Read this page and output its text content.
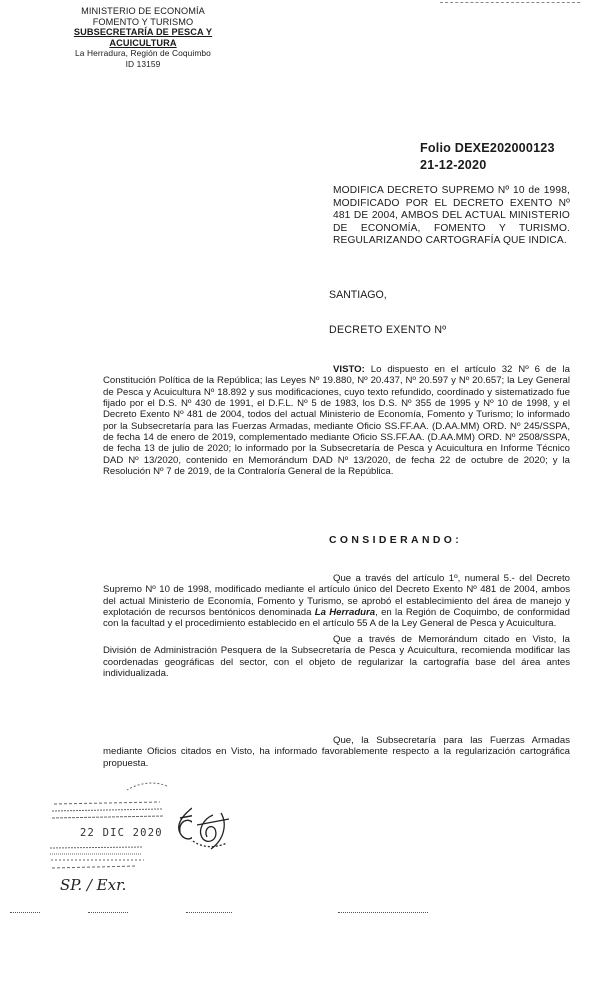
MINISTERIO DE ECONOMÍA
FOMENTO Y TURISMO
SUBSECRETARÍA DE PESCA Y
ACUICULTURA
La Herradura, Región de Coquimbo
ID 13159
Folio DEXE202000123
21-12-2020
MODIFICA DECRETO SUPREMO Nº 10 de 1998, MODIFICADO POR EL DECRETO EXENTO Nº 481 DE 2004, AMBOS DEL ACTUAL MINISTERIO DE ECONOMÍA, FOMENTO Y TURISMO. REGULARIZANDO CARTOGRAFÍA QUE INDICA.
SANTIAGO,
DECRETO EXENTO Nº
VISTO: Lo dispuesto en el artículo 32 Nº 6 de la Constitución Política de la República; las Leyes Nº 19.880, Nº 20.437, Nº 20.597 y Nº 20.657; la Ley General de Pesca y Acuicultura Nº 18.892 y sus modificaciones, cuyo texto refundido, coordinado y sistematizado fue fijado por el D.S. Nº 430 de 1991, el D.F.L. Nº 5 de 1983, los D.S. Nº 355 de 1995 y Nº 10 de 1998, y el Decreto Exento Nº 481 de 2004, todos del actual Ministerio de Economía, Fomento y Turismo; lo informado por la Subsecretaría para las Fuerzas Armadas, mediante Oficio SS.FF.AA. (D.AA.MM) ORD. Nº 245/SSPA, de fecha 14 de enero de 2019, complementado mediante Oficio SS.FF.AA. (D.AA.MM) ORD. Nº 2508/SSPA, de fecha 13 de julio de 2020; lo informado por la Subsecretaría de Pesca y Acuicultura en Informe Técnico DAD Nº 13/2020, contenido en Memorándum DAD Nº 13/2020, de fecha 22 de octubre de 2020; y la Resolución Nº 7 de 2019, de la Contraloría General de la República.
CONSIDERANDO:
Que a través del artículo 1º, numeral 5.- del Decreto Supremo Nº 10 de 1998, modificado mediante el artículo único del Decreto Exento Nº 481 de 2004, ambos del actual Ministerio de Economía, Fomento y Turismo, se aprobó el establecimiento del área de manejo y explotación de recursos bentónicos denominada La Herradura, en la Región de Coquimbo, de conformidad con la facultad y el procedimiento establecido en el artículo 55 A de la Ley General de Pesca y Acuicultura.
Que a través de Memorándum citado en Visto, la División de Administración Pesquera de la Subsecretaría de Pesca y Acuicultura, recomienda modificar las coordenadas geográficas del sector, con el objeto de regularizar la cartografía base del área antes individualizada.
Que, la Subsecretaría para las Fuerzas Armadas mediante Oficios citados en Visto, ha informado favorablemente respecto a la regularización cartográfica propuesta.
22 DIC 2020
SP. / Exr.
